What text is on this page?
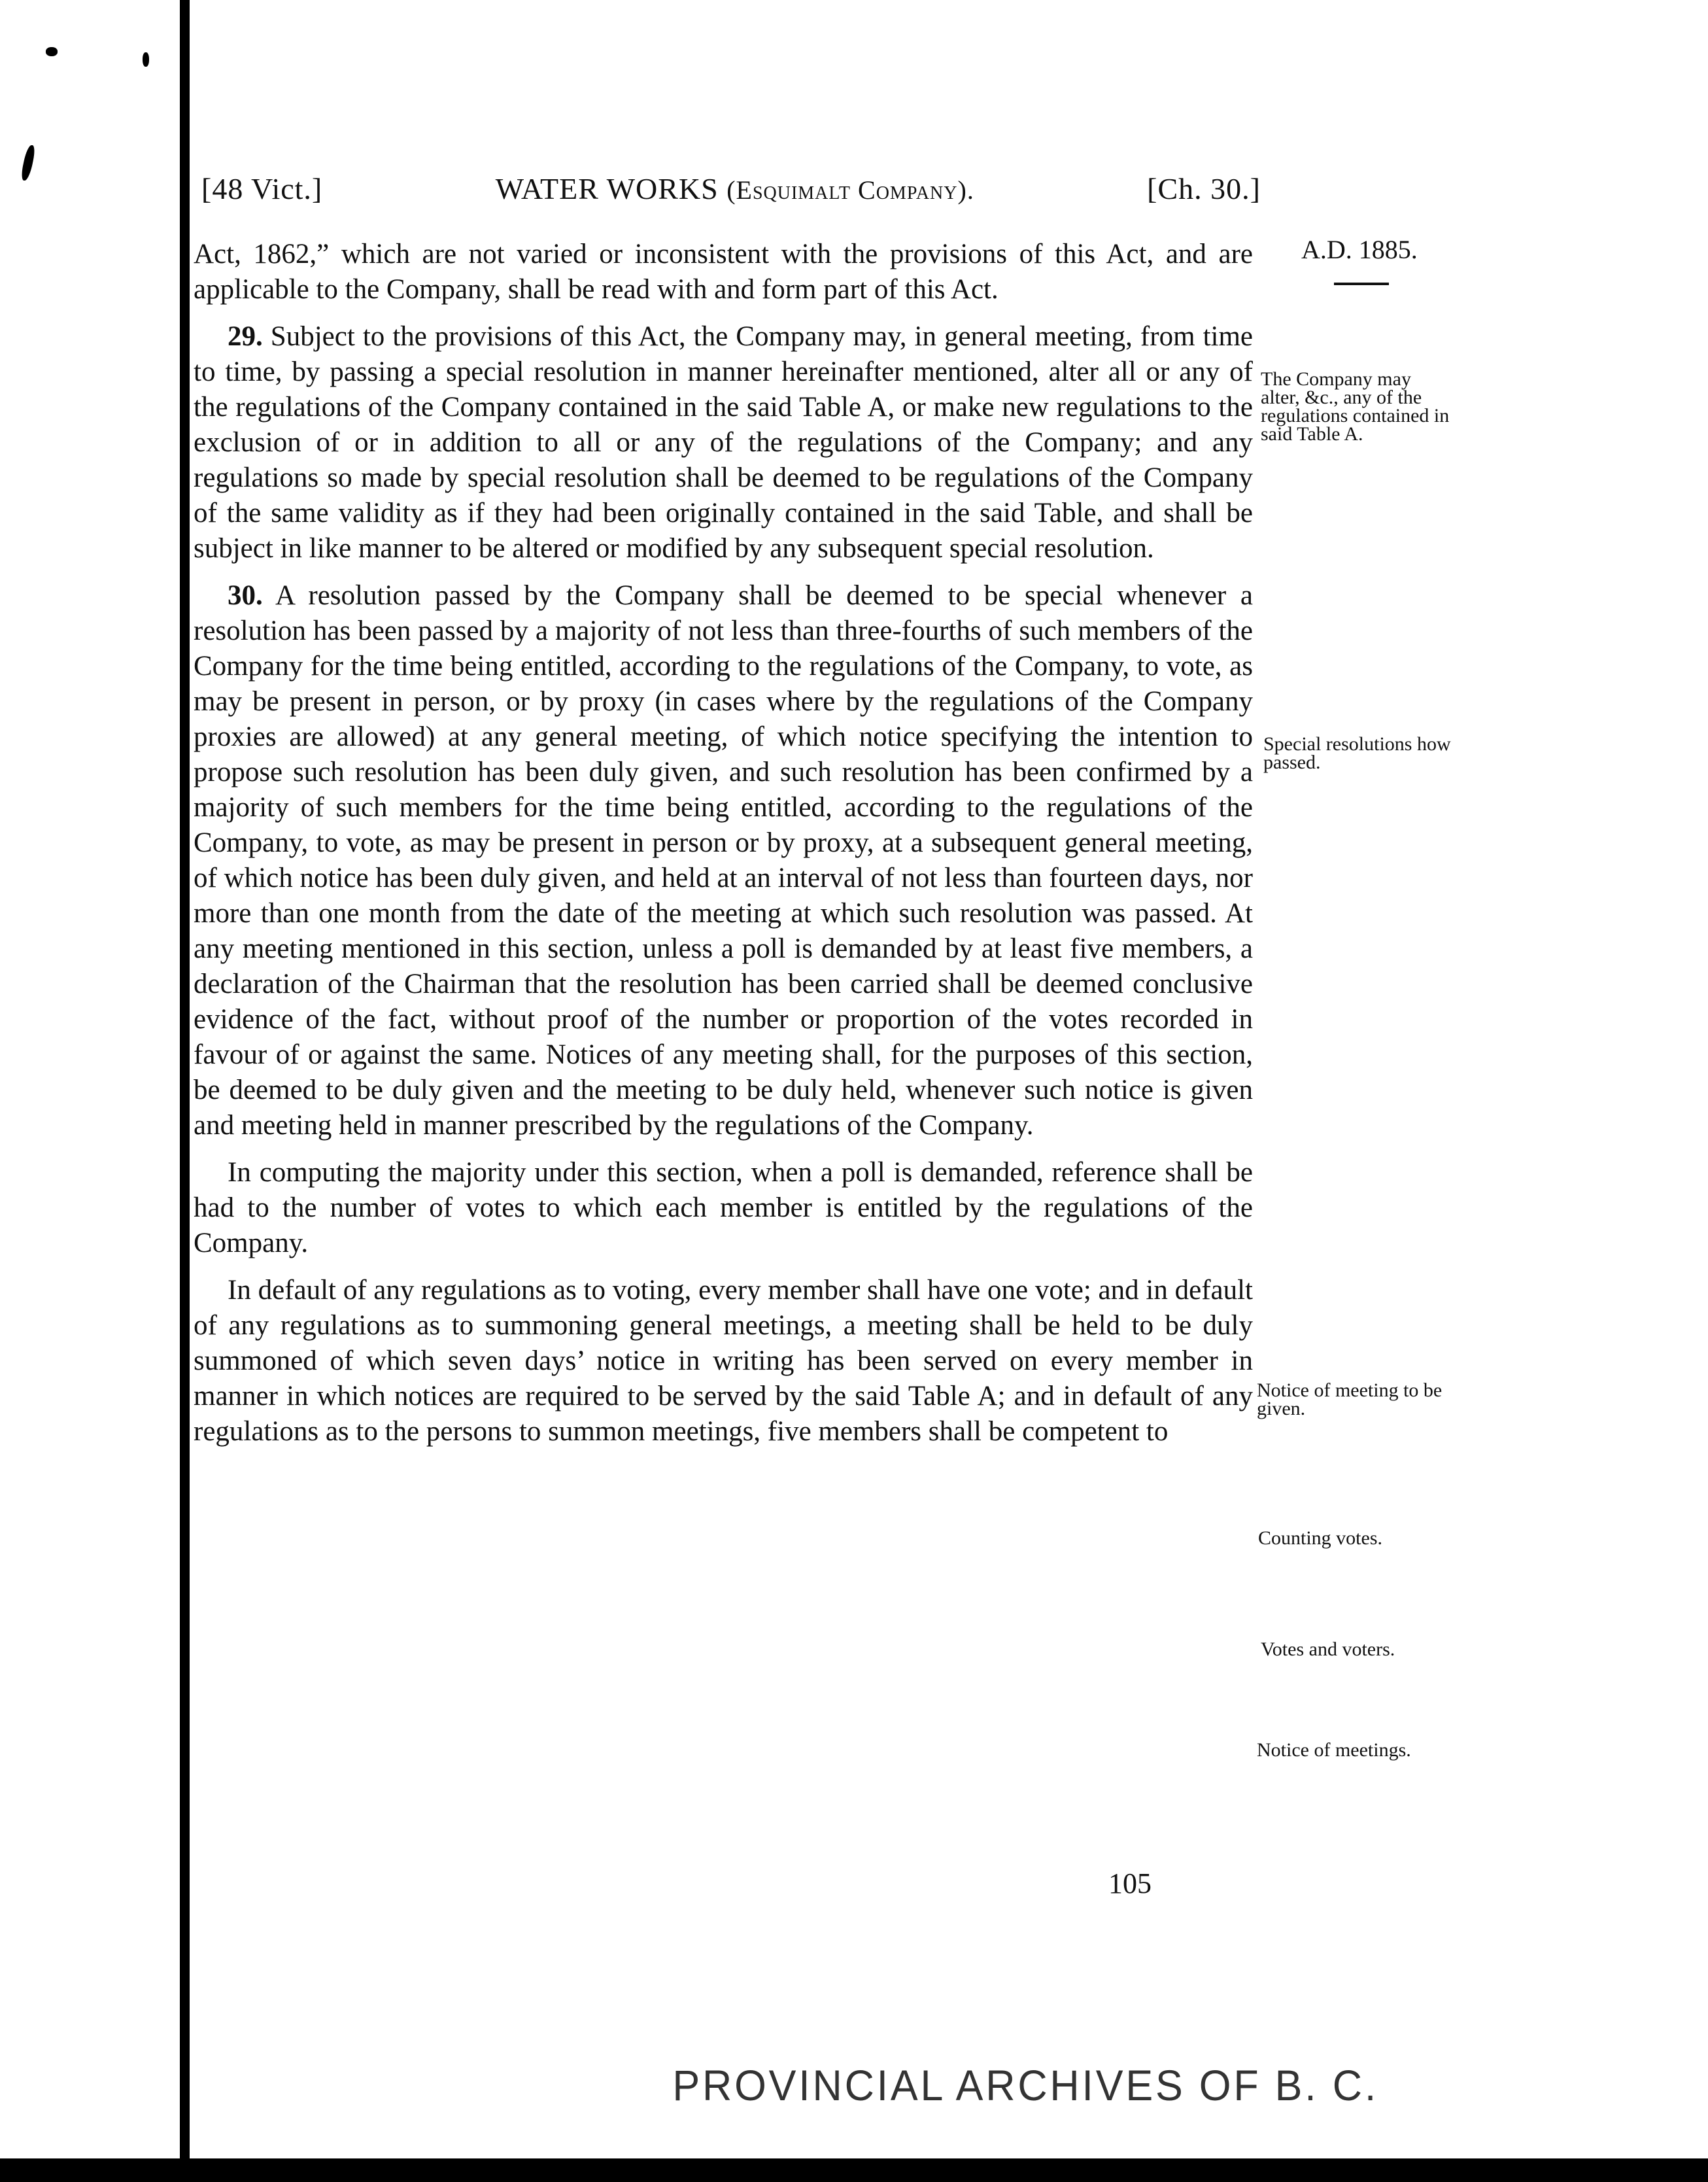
[48 Vict.]	WATER WORKS (Esquimalt Company).	[Ch. 30.]

Act, 1862,” which are not varied or inconsistent with the provisions of this Act, and are applicable to the Company, shall be read with and form part of this Act.

29. Subject to the provisions of this Act, the Company may, in general meeting, from time to time, by passing a special resolution in manner hereinafter mentioned, alter all or any of the regulations of the Company contained in the said Table A, or make new regulations to the exclusion of or in addition to all or any of the regulations of the Company; and any regulations so made by special resolution shall be deemed to be regulations of the Company of the same validity as if they had been originally contained in the said Table, and shall be subject in like manner to be altered or modified by any subsequent special resolution.

30. A resolution passed by the Company shall be deemed to be special whenever a resolution has been passed by a majority of not less than three-fourths of such members of the Company for the time being entitled, according to the regulations of the Company, to vote, as may be present in person, or by proxy (in cases where by the regulations of the Company proxies are allowed) at any general meeting, of which notice specifying the intention to propose such resolution has been duly given, and such resolution has been confirmed by a majority of such members for the time being entitled, according to the regulations of the Company, to vote, as may be present in person or by proxy, at a subsequent general meeting, of which notice has been duly given, and held at an interval of not less than fourteen days, nor more than one month from the date of the meeting at which such resolution was passed. At any meeting mentioned in this section, unless a poll is demanded by at least five members, a declaration of the Chairman that the resolution has been carried shall be deemed conclusive evidence of the fact, without proof of the number or proportion of the votes recorded in favour of or against the same. Notices of any meeting shall, for the purposes of this section, be deemed to be duly given and the meeting to be duly held, whenever such notice is given and meeting held in manner prescribed by the regulations of the Company.

In computing the majority under this section, when a poll is demanded, reference shall be had to the number of votes to which each member is entitled by the regulations of the Company.

In default of any regulations as to voting, every member shall have one vote; and in default of any regulations as to summoning general meetings, a meeting shall be held to be duly summoned of which seven days’ notice in writing has been served on every member in manner in which notices are required to be served by the said Table A; and in default of any regulations as to the persons to summon meetings, five members shall be competent to

A.D. 1885.
The Company may alter, &c., any of the regulations contained in said Table A.
Special resolutions how passed.
Notice of meeting to be given.
Counting votes.
Votes and voters.
Notice of meetings.
105
PROVINCIAL ARCHIVES OF B. C.
